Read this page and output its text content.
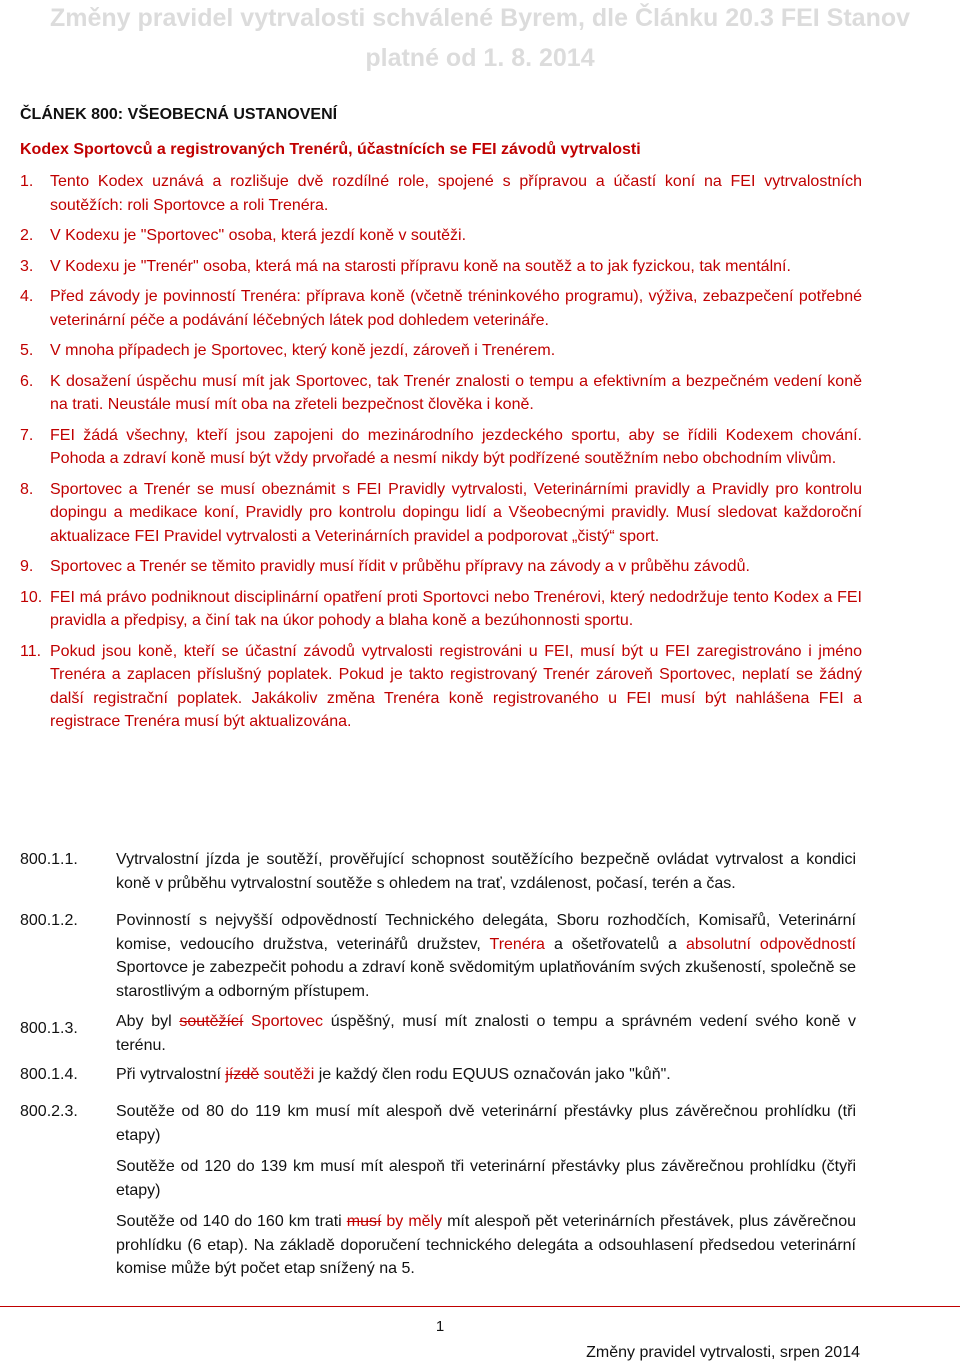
Změny pravidel vytrvalosti schválené Byrem, dle Článku 20.3 FEI Stanov
platné od 1. 8. 2014
ČLÁNEK 800: VŠEOBECNÁ USTANOVENÍ
Kodex Sportovců a registrovaných Trenérů, účastnících se FEI závodů vytrvalosti
1. Tento Kodex uznává a rozlišuje dvě rozdílné role, spojené s přípravou a účastí koní na FEI vytrvalostních soutěžích: roli Sportovce a roli Trenéra.
2. V Kodexu je "Sportovec" osoba, která jezdí koně v soutěži.
3. V Kodexu je "Trenér" osoba, která má na starosti přípravu koně na soutěž a to jak fyzickou, tak mentální.
4. Před závody je povinností Trenéra: příprava koně (včetně tréninkového programu), výživa, zebazpečení potřebné veterinární péče a podávání léčebných látek pod dohledem veterináře.
5. V mnoha případech je Sportovec, který koně jezdí, zároveň i Trenérem.
6. K dosažení úspěchu musí mít jak Sportovec, tak Trenér znalosti o tempu a efektivním a bezpečném vedení koně na trati. Neustále musí mít oba na zřeteli bezpečnost člověka i koně.
7. FEI žádá všechny, kteří jsou zapojeni do mezinárodního jezdeckého sportu, aby se řídili Kodexem chování. Pohoda a zdraví koně musí být vždy prvořadé a nesmí nikdy být podřízené soutěžním nebo obchodním vlivům.
8. Sportovec a Trenér se musí obeznámit s FEI Pravidly vytrvalosti, Veterinárními pravidly a Pravidly pro kontrolu dopingu a medikace koní, Pravidly pro kontrolu dopingu lidí a Všeobecnými pravidly. Musí sledovat každoroční aktualizace FEI Pravidel vytrvalosti a Veterinárních pravidel a podporovat „čistý“ sport.
9. Sportovec a Trenér se těmito pravidly musí řídit v průběhu přípravy na závody a v průběhu závodů.
10. FEI má právo podniknout disciplinární opatření proti Sportovci nebo Trenérovi, který nedodržuje tento Kodex a FEI pravidla a předpisy, a činí tak na úkor pohody a blaha koně a bezúhonnosti sportu.
11. Pokud jsou koně, kteří se účastní závodů vytrvalosti registrováni u FEI, musí být u FEI zaregistrováno i jméno Trenéra a zaplacen příslušný poplatek. Pokud je takto registrovaný Trenér zároveň Sportovec, neplatí se žádný další registrační poplatek. Jakákoliv změna Trenéra koně registrovaného u FEI musí být nahlášena FEI a registrace Trenéra musí být aktualizována.
800.1.1. Vytrvalostní jízda je soutěží, prověřující schopnost soutěžícího bezpečně ovládat vytrvalost a kondici koně v průběhu vytrvalostní soutěže s ohledem na trať, vzdálenost, počasí, terén a čas.
800.1.2. Povinností s nejvyšší odpovědností Technického delegáta, Sboru rozhodčích, Komisařů, Veterinární komise, vedoucího družstva, veterinářů družstev, Trenéra a ošetřovatelů a absolutní odpovědností Sportovce je zabezpečit pohodu a zdraví koně svědomitým uplatňováním svých zkušeností, společně se starostlivým a odborným přístupem.
800.1.3. Aby byl soutěžící Sportovec úspěšný, musí mít znalosti o tempu a správném vedení svého koně v terénu.
800.1.4. Při vytrvalostní jízdě soutěži je každý člen rodu EQUUS označován jako "kůň".
800.2.3. Soutěže od 80 do 119 km musí mít alespoň dvě veterinární přestávky plus závěrečnou prohlídku (tři etapy)

Soutěže od 120 do 139 km musí mít alespoň tři veterinární přestávky plus závěrečnou prohlídku (čtyři etapy)

Soutěže od 140 do 160 km trati musí by měly mít alespoň pět veterinárních přestávek, plus závěrečnou prohlídku (6 etap). Na základě doporučení technického delegáta a odsouhlasení předsedou veterinární komise může být počet etap snížený na 5.

1
Změny pravidel vytrvalosti, srpen 2014
